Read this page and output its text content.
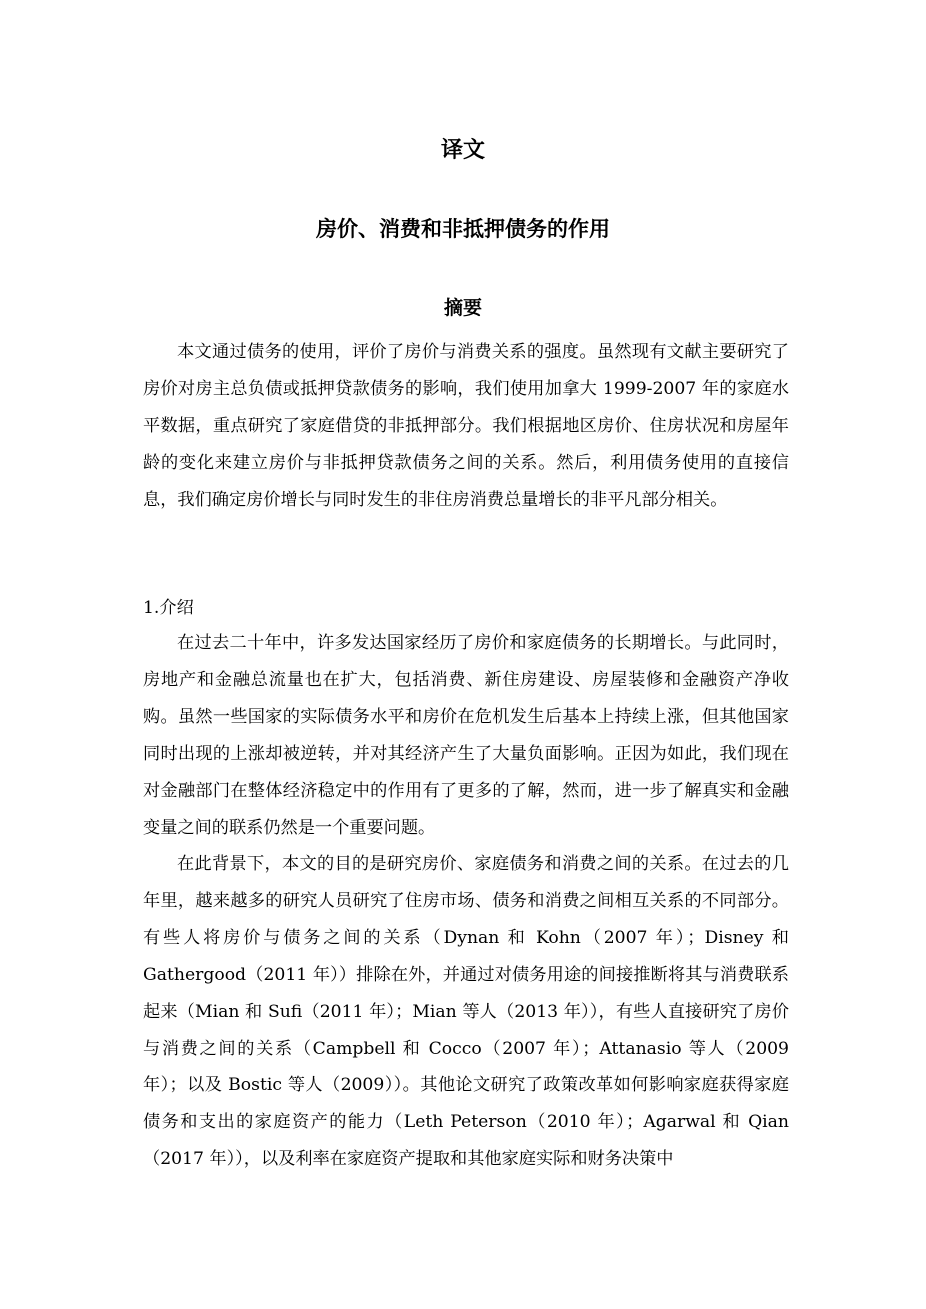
译文
房价、消费和非抵押债务的作用
摘要

本文通过债务的使用，评价了房价与消费关系的强度。虽然现有文献主要研究了房价对房主总负债或抵押贷款债务的影响，我们使用加拿大 1999-2007 年的家庭水平数据，重点研究了家庭借贷的非抵押部分。我们根据地区房价、住房状况和房屋年龄的变化来建立房价与非抵押贷款债务之间的关系。然后，利用债务使用的直接信息，我们确定房价增长与同时发生的非住房消费总量增长的非平凡部分相关。

1.介绍

在过去二十年中，许多发达国家经历了房价和家庭债务的长期增长。与此同时，房地产和金融总流量也在扩大，包括消费、新住房建设、房屋装修和金融资产净收购。虽然一些国家的实际债务水平和房价在危机发生后基本上持续上涨，但其他国家同时出现的上涨却被逆转，并对其经济产生了大量负面影响。正因为如此，我们现在对金融部门在整体经济稳定中的作用有了更多的了解，然而，进一步了解真实和金融变量之间的联系仍然是一个重要问题。

在此背景下，本文的目的是研究房价、家庭债务和消费之间的关系。在过去的几年里，越来越多的研究人员研究了住房市场、债务和消费之间相互关系的不同部分。有些人将房价与债务之间的关系（Dynan 和 Kohn（2007 年）；Disney 和 Gathergood（2011 年））排除在外，并通过对债务用途的间接推断将其与消费联系起来（Mian 和 Sufi（2011 年）；Mian 等人（2013 年）），有些人直接研究了房价与消费之间的关系（Campbell 和 Cocco（2007 年）；Attanasio 等人（2009 年）；以及 Bostic 等人（2009））。其他论文研究了政策改革如何影响家庭获得家庭债务和支出的家庭资产的能力（Leth Peterson（2010 年）；Agarwal 和 Qian（2017 年）），以及利率在家庭资产提取和其他家庭实际和财务决策中
